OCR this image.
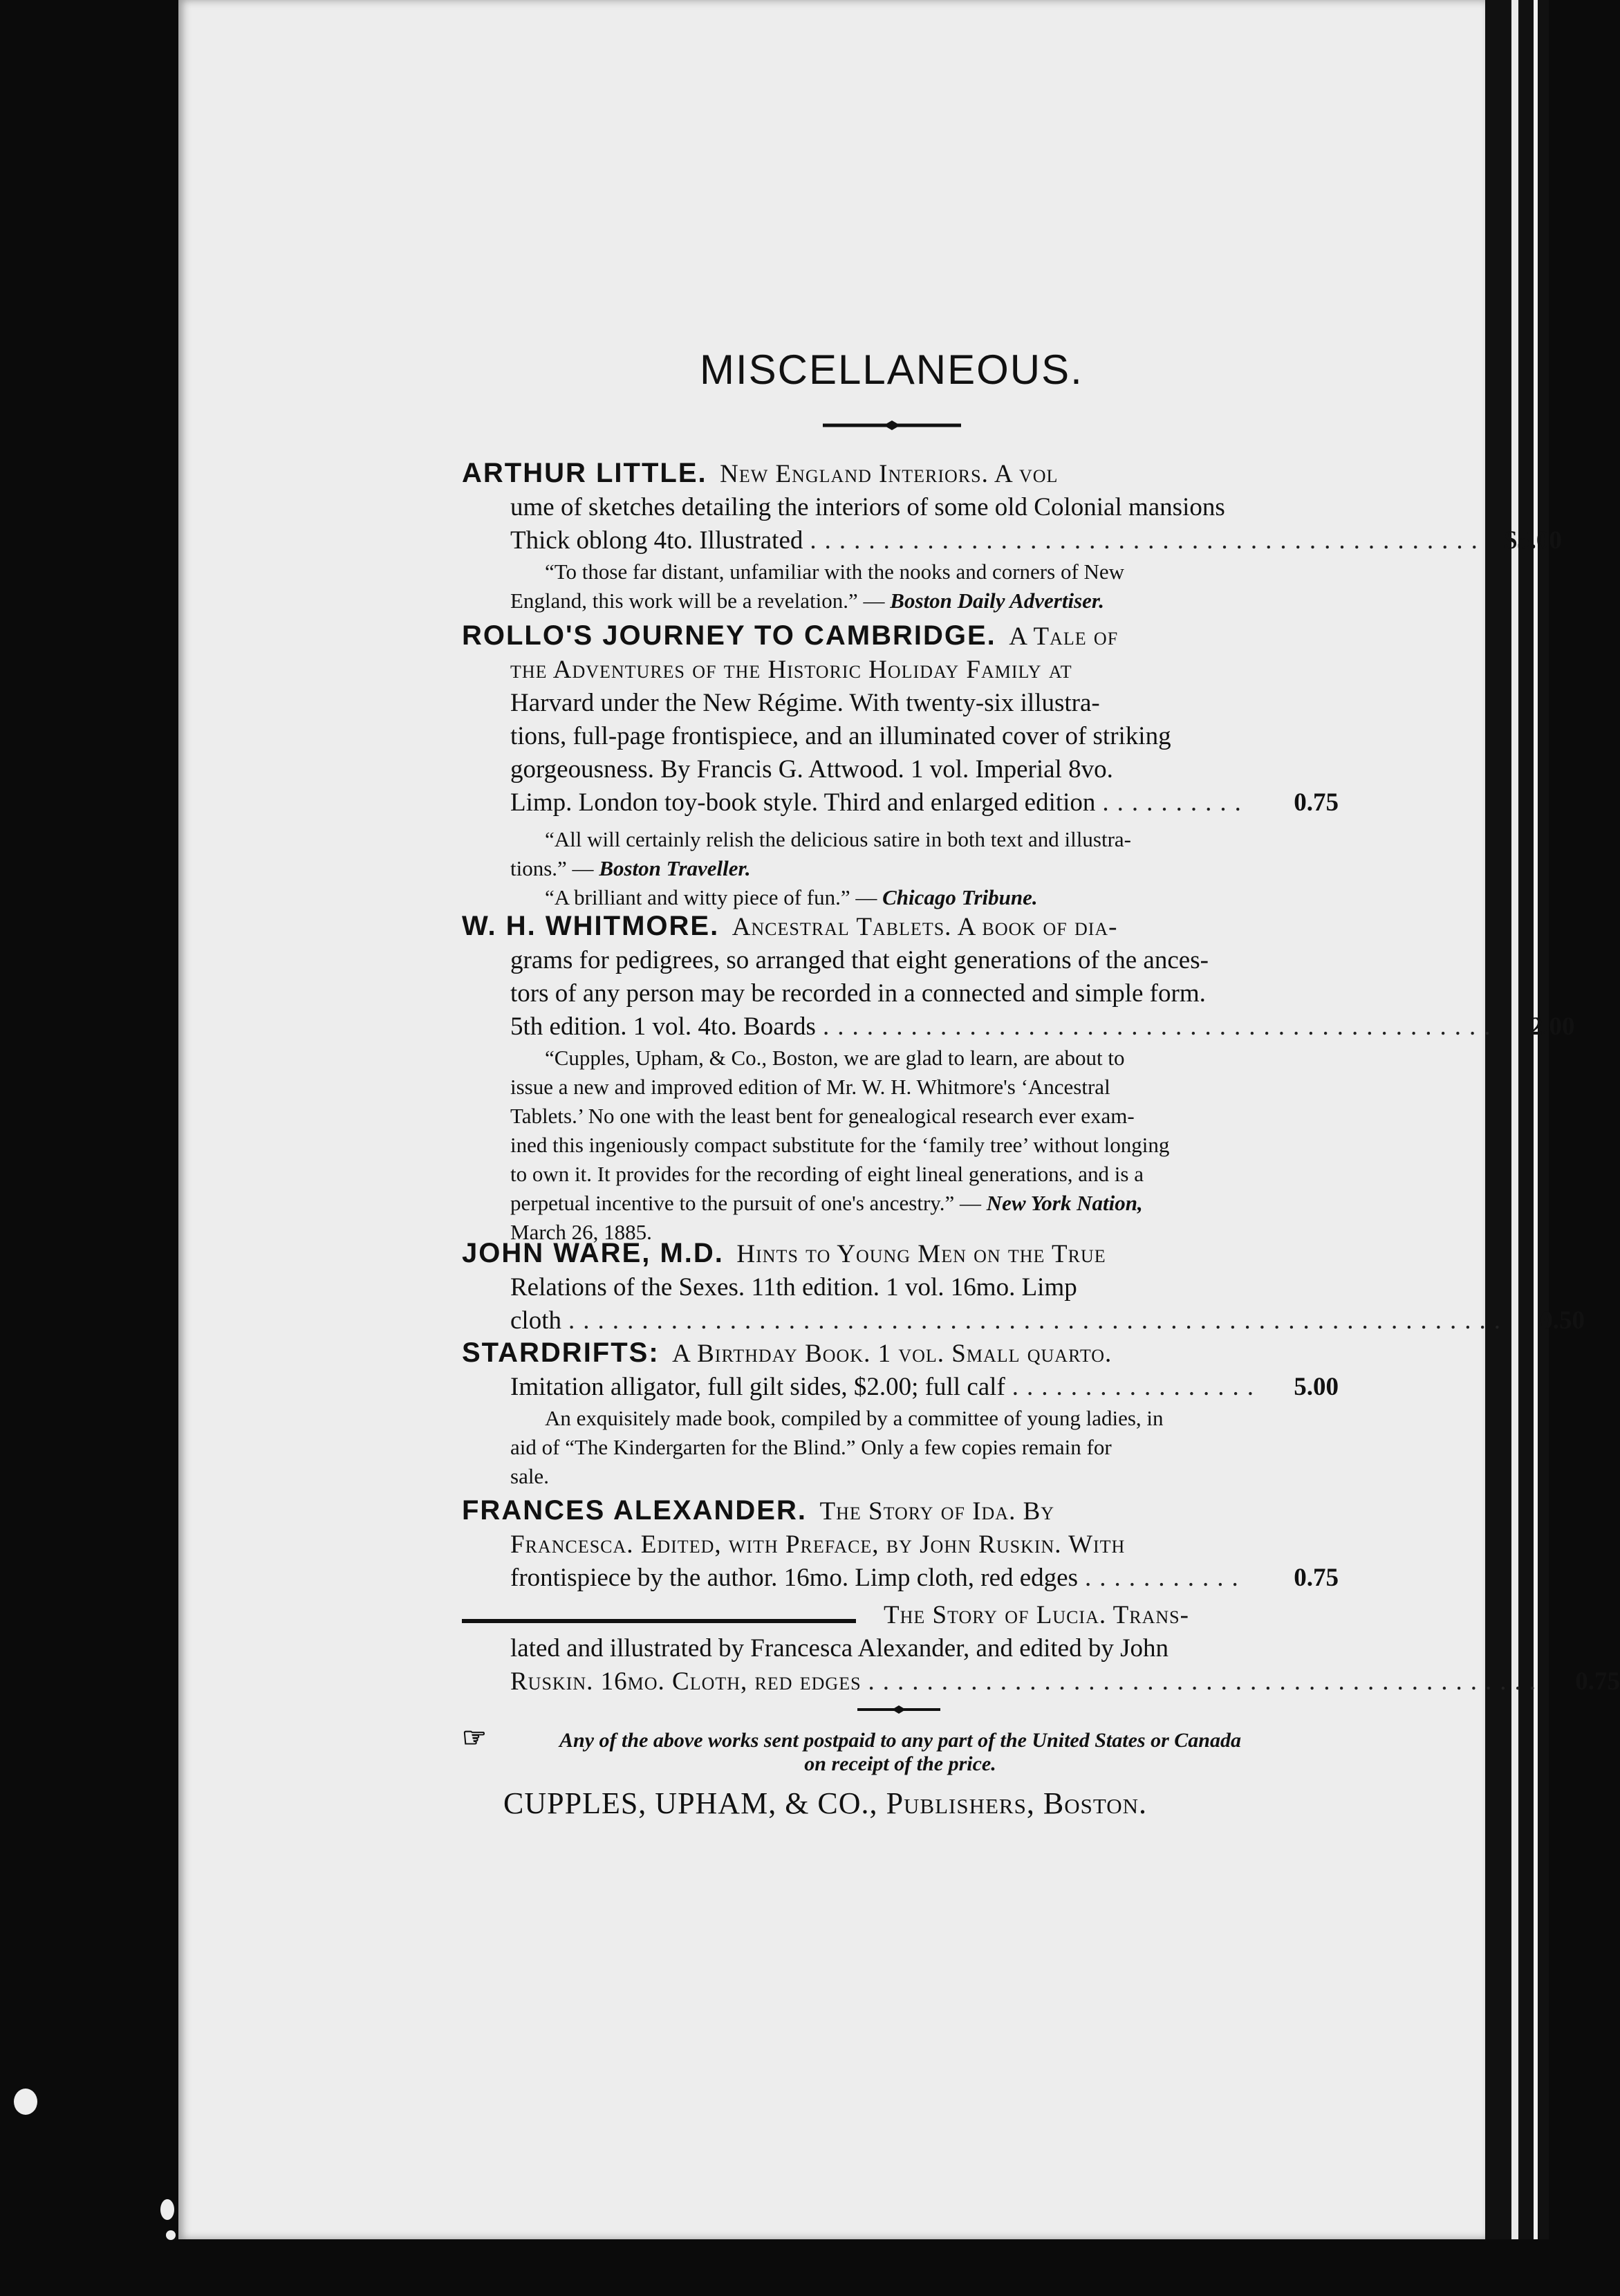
MISCELLANEOUS.
ARTHUR LITTLE.
New England Interiors. A vol
ume of sketches detailing the interiors of some old Colonial mansions
Thick oblong 4to. Illustrated .............................................. $5.00
“To those far distant, unfamiliar with the nooks and corners of New
England, this work will be a revelation.” — Boston Daily Advertiser.
ROLLO'S JOURNEY TO CAMBRIDGE.
A Tale of
the Adventures of the Historic Holiday Family at
Harvard under the New Régime. With twenty-six illustra-
tions, full-page frontispiece, and an illuminated cover of striking
gorgeousness. By Francis G. Attwood. 1 vol. Imperial 8vo.
Limp. London toy-book style. Third and enlarged edition ..........	0.75
“All will certainly relish the delicious satire in both text and illustra-
tions.” — Boston Traveller.
“A brilliant and witty piece of fun.” — Chicago Tribune.
W. H. WHITMORE.
Ancestral Tablets. A book of dia-
grams for pedigrees, so arranged that eight generations of the ances-
tors of any person may be recorded in a connected and simple form.
5th edition. 1 vol. 4to. Boards ..............................................	2.00
“Cupples, Upham, & Co., Boston, we are glad to learn, are about to
issue a new and improved edition of Mr. W. H. Whitmore's ‘Ancestral
Tablets.’ No one with the least bent for genealogical research ever exam-
ined this ingeniously compact substitute for the ‘family tree’ without longing
to own it. It provides for the recording of eight lineal generations, and is a
perpetual incentive to the pursuit of one's ancestry.” — New York Nation,
March 26, 1885.
JOHN WARE, M.D.
Hints to Young Men on the True
Relations of the Sexes. 11th edition. 1 vol. 16mo. Limp
cloth ................................................................	0.50
STARDRIFTS:
A Birthday Book. 1 vol. Small quarto.
Imitation alligator, full gilt sides, $2.00; full calf .................	5.00
An exquisitely made book, compiled by a committee of young ladies, in
aid of “The Kindergarten for the Blind.” Only a few copies remain for
sale.
FRANCES ALEXANDER.
The Story of Ida. By
Francesca. Edited, with Preface, by John Ruskin. With
frontispiece by the author. 16mo. Limp cloth, red edges ...........	0.75
The Story of Lucia. Trans-
lated and illustrated by Francesca Alexander, and edited by John
Ruskin. 16mo. Cloth, red edges ..............................................	0.75
☞	Any of the above works sent postpaid to any part of the United States or Canada
on receipt of the price.
CUPPLES, UPHAM, & CO., Publishers, Boston.
